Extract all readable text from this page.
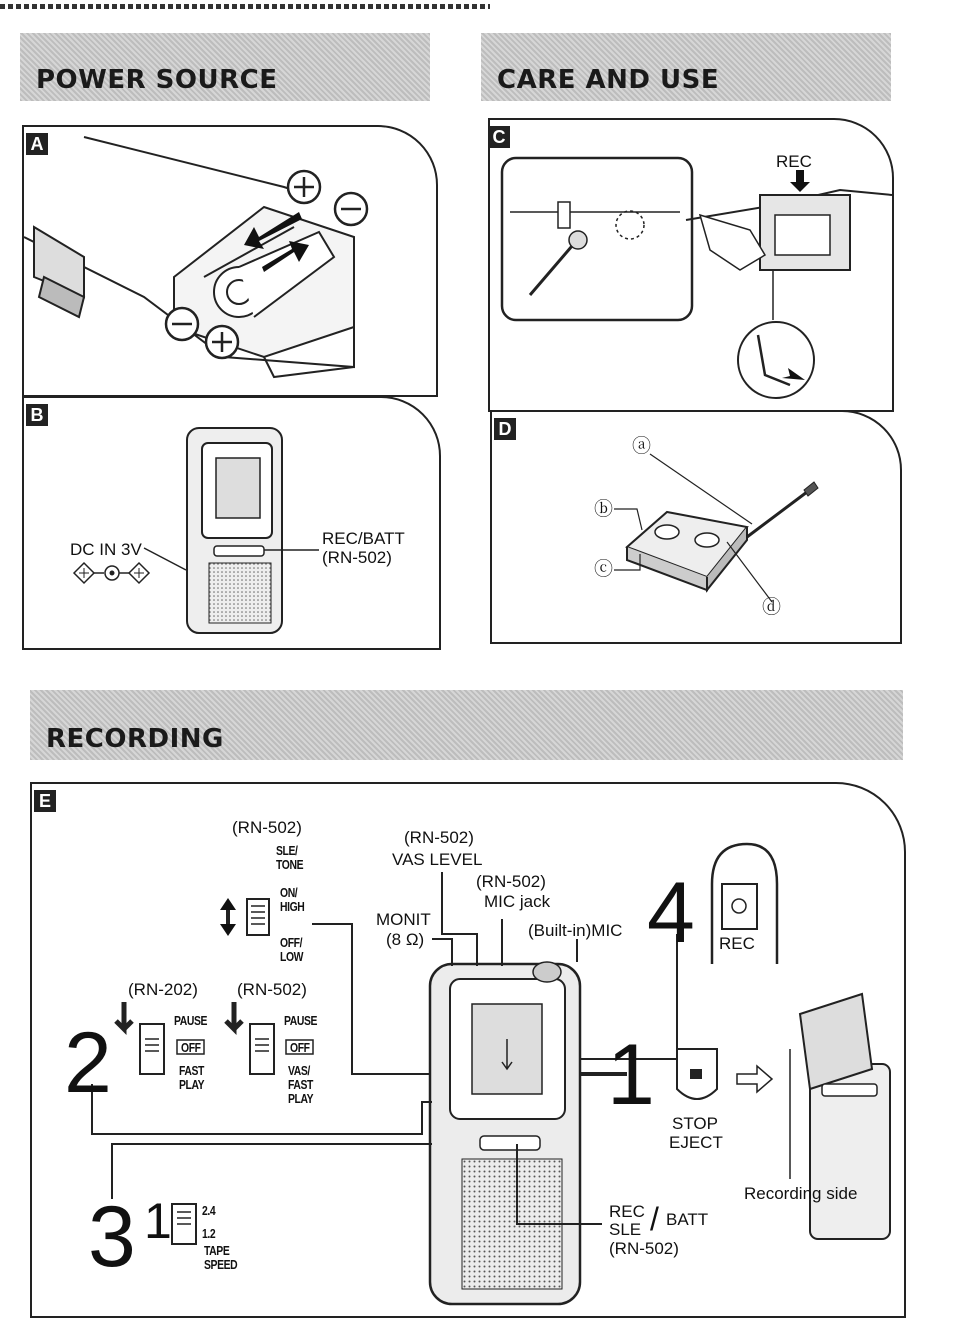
POWER SOURCE	CARE AND USE
RECORDING
A
B
DC IN 3V
REC/BATT
(RN-502)
C
REC
D
ⓐ
ⓑ
ⓒ
ⓓ
E
(RN-502)
SLE/
TONE
ON/
HIGH
OFF/
LOW
(RN-502)
VAS LEVEL
(RN-502)
MIC jack
MONIT
(8 Ω)	(Built-in)MIC 4 REC
2
(RN-202)
PAUSE
OFF
FAST
PLAY
(RN-502)
PAUSE
OFF
VAS/
FAST
PLAY	1
STOP
EJECT
Recording side
3 1 2.4
1.2
TAPE
SPEED
REC
SLE / BATT
(RN-502)
